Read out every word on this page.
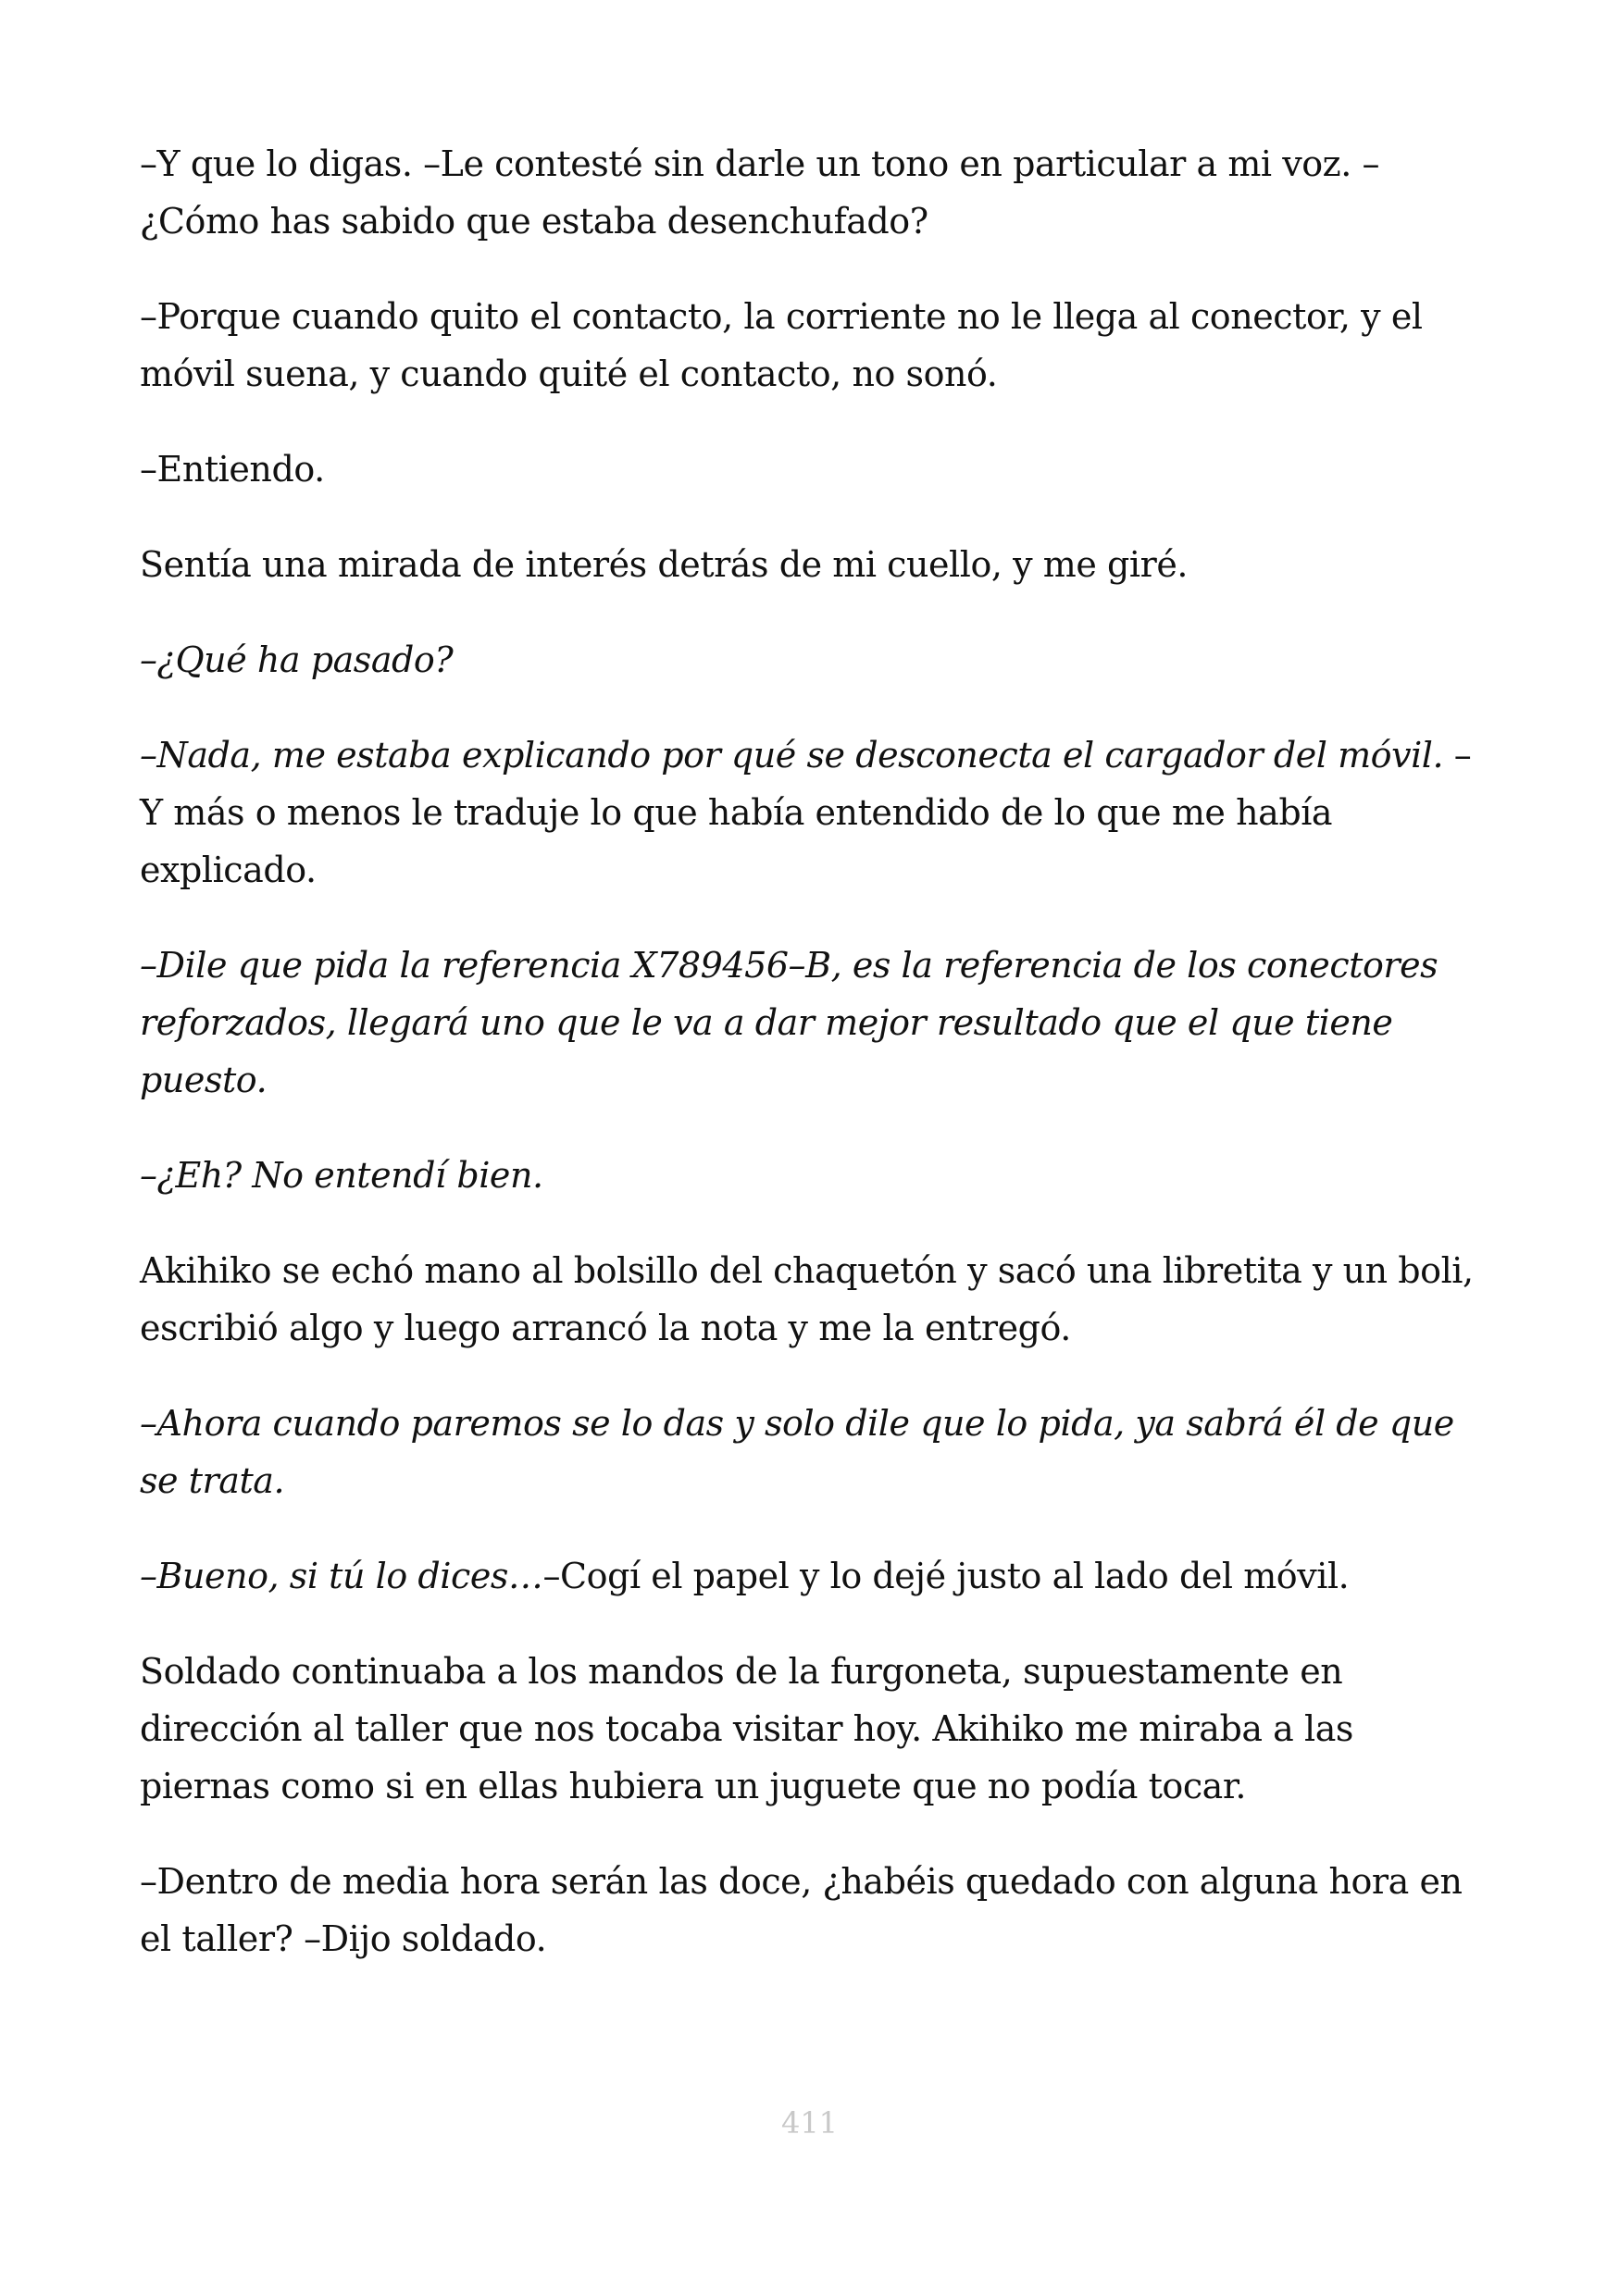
–Y que lo digas. –Le contesté sin darle un tono en particular a mi voz. –¿Cómo has sabido que estaba desenchufado?

–Porque cuando quito el contacto, la corriente no le llega al conector, y el móvil suena, y cuando quité el contacto, no sonó.

–Entiendo.

Sentía una mirada de interés detrás de mi cuello, y me giré.

–¿Qué ha pasado?

–Nada, me estaba explicando por qué se desconecta el cargador del móvil. –Y más o menos le traduje lo que había entendido de lo que me había explicado.

–Dile que pida la referencia X789456–B, es la referencia de los conectores reforzados, llegará uno que le va a dar mejor resultado que el que tiene puesto.

–¿Eh? No entendí bien.

Akihiko se echó mano al bolsillo del chaquetón y sacó una libretita y un boli, escribió algo y luego arrancó la nota y me la entregó.

–Ahora cuando paremos se lo das y solo dile que lo pida, ya sabrá él de que se trata.

–Bueno, si tú lo dices…–Cogí el papel y lo dejé justo al lado del móvil.

Soldado continuaba a los mandos de la furgoneta, supuestamente en dirección al taller que nos tocaba visitar hoy. Akihiko me miraba a las piernas como si en ellas hubiera un juguete que no podía tocar.

–Dentro de media hora serán las doce, ¿habéis quedado con alguna hora en el taller? –Dijo soldado.

411
